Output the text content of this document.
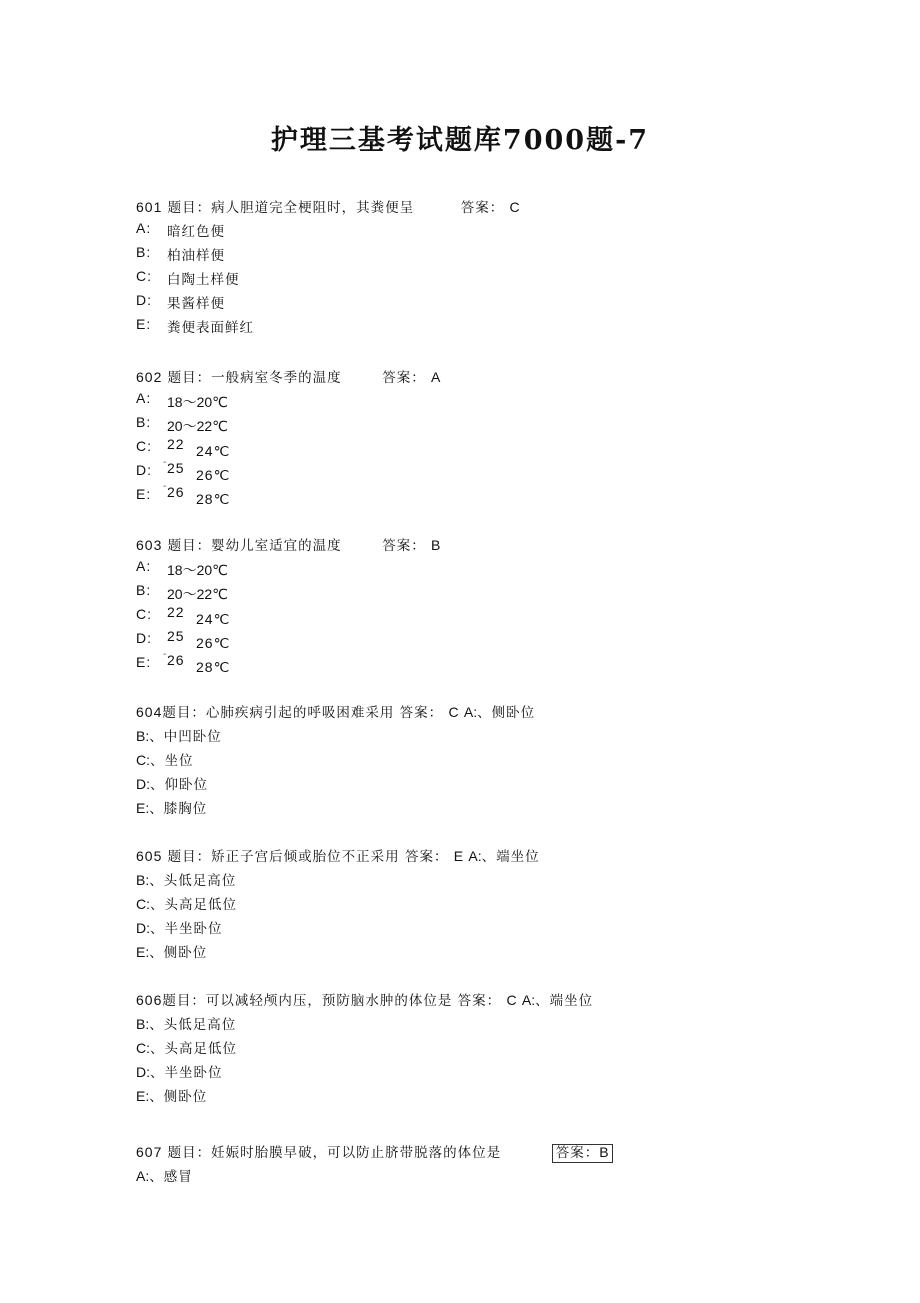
护理三基考试题库7000题-7
601 题目：病人胆道完全梗阻时，其粪便呈	答案： C
A: 暗红色便
B: 柏油样便
C: 白陶土样便
D: 果酱样便
E: 粪便表面鲜红
602 题目：一般病室冬季的温度	答案： A
A: 18～20℃
B: 20～22℃
C: 22 24℃
D: - 25 26℃
E: - 26 28℃
603 题目：婴幼儿室适宜的温度	答案： B
A: 18～20℃
B: 20～22℃
C: 22 24℃
D: 25 26℃
E: - 26 28℃
604题目：心肺疾病引起的呼吸困难采用 答案： C A:、侧卧位
B:、中凹卧位
C:、坐位
D:、仰卧位
E:、膝胸位
605 题目：矫正子宫后倾或胎位不正采用 答案： E A:、端坐位
B:、头低足高位
C:、头高足低位
D:、半坐卧位
E:、侧卧位
606题目：可以减轻颅内压，预防脑水肿的体位是 答案： C A:、端坐位
B:、头低足高位
C:、头高足低位
D:、半坐卧位
E:、侧卧位
607 题目：妊娠时胎膜早破，可以防止脐带脱落的体位是	答案：B
A:、感冒
